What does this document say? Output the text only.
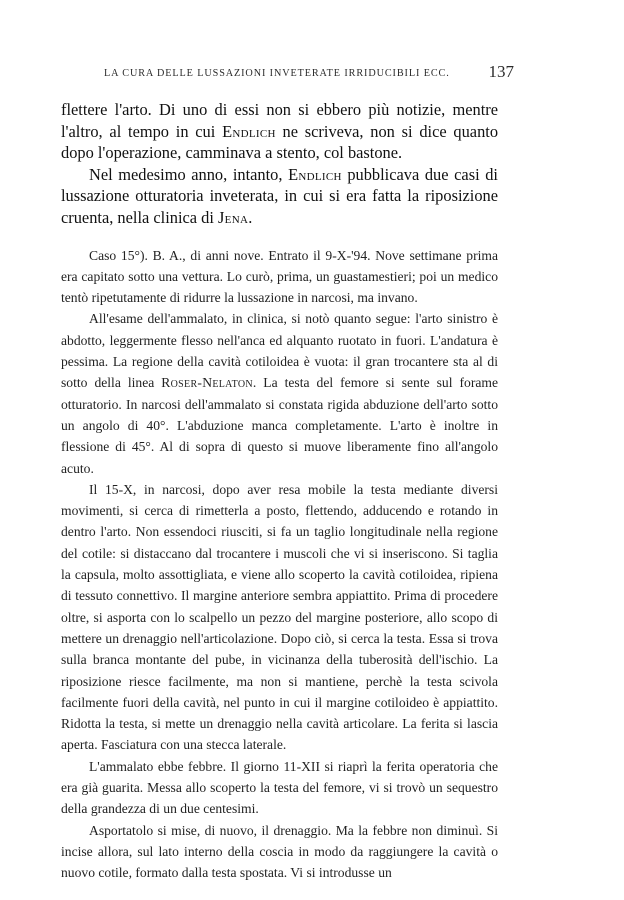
LA CURA DELLE LUSSAZIONI INVETERATE IRRIDUCIBILI ECC. 137

flettere l'arto. Di uno di essi non si ebbero più notizie, mentre l'altro, al tempo in cui Endlich ne scriveva, non si dice quanto dopo l'operazione, camminava a stento, col bastone.

Nel medesimo anno, intanto, Endlich pubblicava due casi di lussazione otturatoria inveterata, in cui si era fatta la riposizione cruenta, nella clinica di Jena.

Caso 15°). B. A., di anni nove. Entrato il 9-X-'94. Nove settimane prima era capitato sotto una vettura. Lo curò, prima, un guastamestieri; poi un medico tentò ripetutamente di ridurre la lussazione in narcosi, ma invano.

All'esame dell'ammalato, in clinica, si notò quanto segue: l'arto sinistro è abdotto, leggermente flesso nell'anca ed alquanto ruotato in fuori. L'andatura è pessima. La regione della cavità cotiloidea è vuota: il gran trocantere sta al di sotto della linea Roser-Nelaton. La testa del femore si sente sul forame otturatorio. In narcosi dell'ammalato si constata rigida abduzione dell'arto sotto un angolo di 40°. L'abduzione manca completamente. L'arto è inoltre in flessione di 45°. Al di sopra di questo si muove liberamente fino all'angolo acuto.

Il 15-X, in narcosi, dopo aver resa mobile la testa mediante diversi movimenti, si cerca di rimetterla a posto, flettendo, adducendo e rotando in dentro l'arto. Non essendoci riusciti, si fa un taglio longitudinale nella regione del cotile: si distaccano dal trocantere i muscoli che vi si inseriscono. Si taglia la capsula, molto assottigliata, e viene allo scoperto la cavità cotiloidea, ripiena di tessuto connettivo. Il margine anteriore sembra appiattito. Prima di procedere oltre, si asporta con lo scalpello un pezzo del margine posteriore, allo scopo di mettere un drenaggio nell'articolazione. Dopo ciò, si cerca la testa. Essa si trova sulla branca montante del pube, in vicinanza della tuberosità dell'ischio. La riposizione riesce facilmente, ma non si mantiene, perchè la testa scivola facilmente fuori della cavità, nel punto in cui il margine cotiloideo è appiattito. Ridotta la testa, si mette un drenaggio nella cavità articolare. La ferita si lascia aperta. Fasciatura con una stecca laterale.

L'ammalato ebbe febbre. Il giorno 11-XII si riaprì la ferita operatoria che era già guarita. Messa allo scoperto la testa del femore, vi si trovò un sequestro della grandezza di un due centesimi.

Asportatolo si mise, di nuovo, il drenaggio. Ma la febbre non diminuì. Si incise allora, sul lato interno della coscia in modo da raggiungere la cavità o nuovo cotile, formato dalla testa spostata. Vi si introdusse un
